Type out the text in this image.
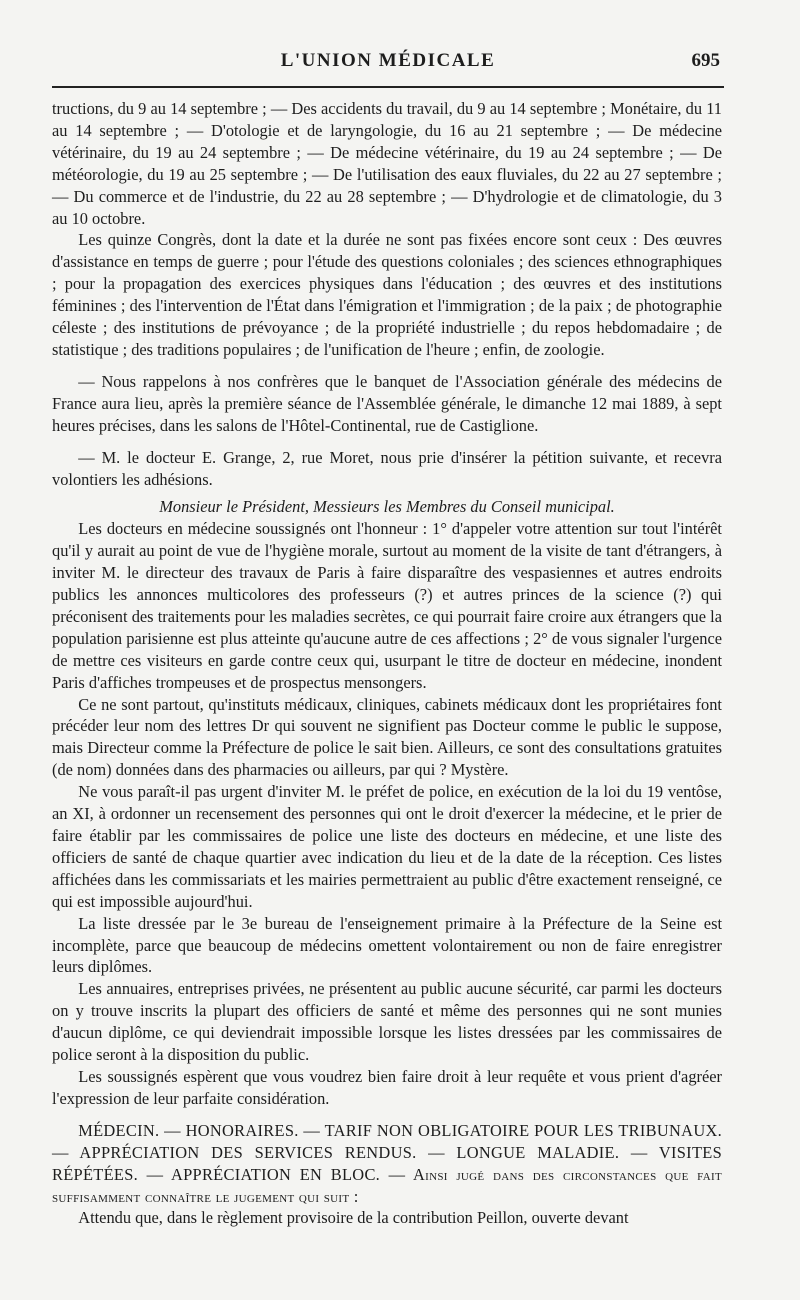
L'UNION MÉDICALE	695

tructions, du 9 au 14 septembre ; — Des accidents du travail, du 9 au 14 septembre ; Monétaire, du 11 au 14 septembre ; — D'otologie et de laryngologie, du 16 au 21 septembre ; — De médecine vétérinaire, du 19 au 24 septembre ; — De médecine vétérinaire, du 19 au 24 septembre ; — De météorologie, du 19 au 25 septembre ; — De l'utilisation des eaux fluviales, du 22 au 27 septembre ; — Du commerce et de l'industrie, du 22 au 28 septembre ; — D'hydrologie et de climatologie, du 3 au 10 octobre.

Les quinze Congrès, dont la date et la durée ne sont pas fixées encore sont ceux : Des œuvres d'assistance en temps de guerre ; pour l'étude des questions coloniales ; des sciences ethnographiques ; pour la propagation des exercices physiques dans l'éducation ; des œuvres et des institutions féminines ; des l'intervention de l'État dans l'émigration et l'immigration ; de la paix ; de photographie céleste ; des institutions de prévoyance ; de la propriété industrielle ; du repos hebdomadaire ; de statistique ; des traditions populaires ; de l'unification de l'heure ; enfin, de zoologie.

— Nous rappelons à nos confrères que le banquet de l'Association générale des médecins de France aura lieu, après la première séance de l'Assemblée générale, le dimanche 12 mai 1889, à sept heures précises, dans les salons de l'Hôtel-Continental, rue de Castiglione.

— M. le docteur E. Grange, 2, rue Moret, nous prie d'insérer la pétition suivante, et recevra volontiers les adhésions.

Monsieur le Président, Messieurs les Membres du Conseil municipal.

Les docteurs en médecine soussignés ont l'honneur : 1° d'appeler votre attention sur tout l'intérêt qu'il y aurait au point de vue de l'hygiène morale, surtout au moment de la visite de tant d'étrangers, à inviter M. le directeur des travaux de Paris à faire disparaître des vespasiennes et autres endroits publics les annonces multicolores des professeurs (?) et autres princes de la science (?) qui préconisent des traitements pour les maladies secrètes, ce qui pourrait faire croire aux étrangers que la population parisienne est plus atteinte qu'aucune autre de ces affections ; 2° de vous signaler l'urgence de mettre ces visiteurs en garde contre ceux qui, usurpant le titre de docteur en médecine, inondent Paris d'affiches trompeuses et de prospectus mensongers.

Ce ne sont partout, qu'instituts médicaux, cliniques, cabinets médicaux dont les propriétaires font précéder leur nom des lettres Dr qui souvent ne signifient pas Docteur comme le public le suppose, mais Directeur comme la Préfecture de police le sait bien. Ailleurs, ce sont des consultations gratuites (de nom) données dans des pharmacies ou ailleurs, par qui ? Mystère.

Ne vous paraît-il pas urgent d'inviter M. le préfet de police, en exécution de la loi du 19 ventôse, an XI, à ordonner un recensement des personnes qui ont le droit d'exercer la médecine, et le prier de faire établir par les commissaires de police une liste des docteurs en médecine, et une liste des officiers de santé de chaque quartier avec indication du lieu et de la date de la réception. Ces listes affichées dans les commissariats et les mairies permettraient au public d'être exactement renseigné, ce qui est impossible aujourd'hui.

La liste dressée par le 3e bureau de l'enseignement primaire à la Préfecture de la Seine est incomplète, parce que beaucoup de médecins omettent volontairement ou non de faire enregistrer leurs diplômes.

Les annuaires, entreprises privées, ne présentent au public aucune sécurité, car parmi les docteurs on y trouve inscrits la plupart des officiers de santé et même des personnes qui ne sont munies d'aucun diplôme, ce qui deviendrait impossible lorsque les listes dressées par les commissaires de police seront à la disposition du public.

Les soussignés espèrent que vous voudrez bien faire droit à leur requête et vous prient d'agréer l'expression de leur parfaite considération.

MÉDECIN. — HONORAIRES. — TARIF NON OBLIGATOIRE POUR LES TRIBUNAUX. — APPRÉCIATION DES SERVICES RENDUS. — LONGUE MALADIE. — VISITES RÉPÉTÉES. — APPRÉCIATION EN BLOC. — Ainsi jugé dans des circonstances que fait suffisamment connaître le jugement qui suit :

Attendu que, dans le règlement provisoire de la contribution Peillon, ouverte devant
